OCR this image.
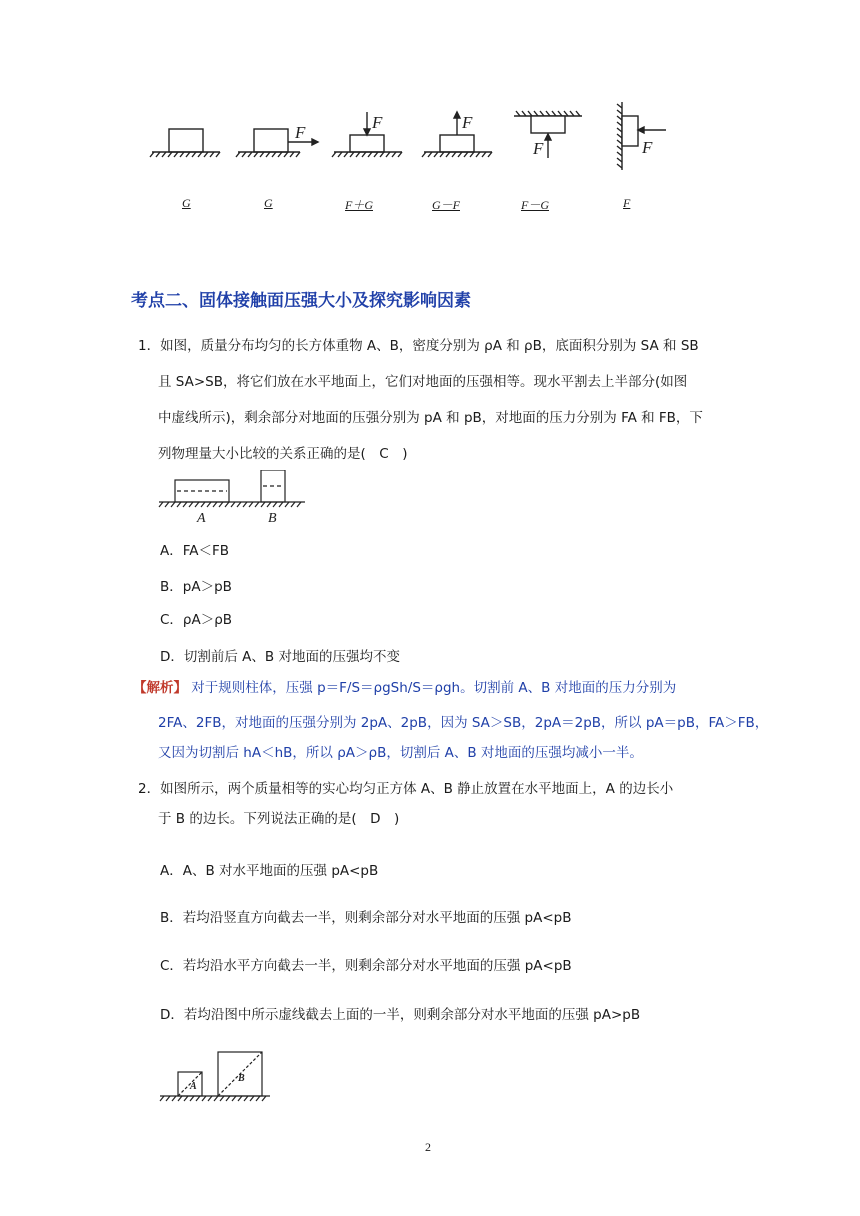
F
F	F
F	F
G	G	F＋G	G－F	F－G	F
考点二、固体接触面压强大小及探究影响因素
1．如图，质量分布均匀的长方体重物 A、B，密度分别为 ρA 和 ρB，底面积分别为 SA 和 SB
且 SA>SB，将它们放在水平地面上，它们对地面的压强相等。现水平割去上半部分(如图
中虚线所示)，剩余部分对地面的压强分别为 pA 和 pB，对地面的压力分别为 FA 和 FB，下
列物理量大小比较的关系正确的是(　C　)
A	B
A．FA＜FB
B．pA＞pB
C．ρA＞ρB
D．切割前后 A、B 对地面的压强均不变
【解析】 对于规则柱体，压强 p＝F/S＝ρgSh/S＝ρgh。切割前 A、B 对地面的压力分别为
2FA、2FB，对地面的压强分别为 2pA、2pB，因为 SA＞SB，2pA＝2pB，所以 pA＝pB，FA＞FB，
又因为切割后 hA＜hB，所以 ρA＞ρB，切割后 A、B 对地面的压强均减小一半。
2．如图所示，两个质量相等的实心均匀正方体 A、B 静止放置在水平地面上，A 的边长小
于 B 的边长。下列说法正确的是(　D　)
A．A、B 对水平地面的压强 pA<pB
B．若均沿竖直方向截去一半，则剩余部分对水平地面的压强 pA<pB
C．若均沿水平方向截去一半，则剩余部分对水平地面的压强 pA<pB
D．若均沿图中所示虚线截去上面的一半，则剩余部分对水平地面的压强 pA>pB
A
B
2
